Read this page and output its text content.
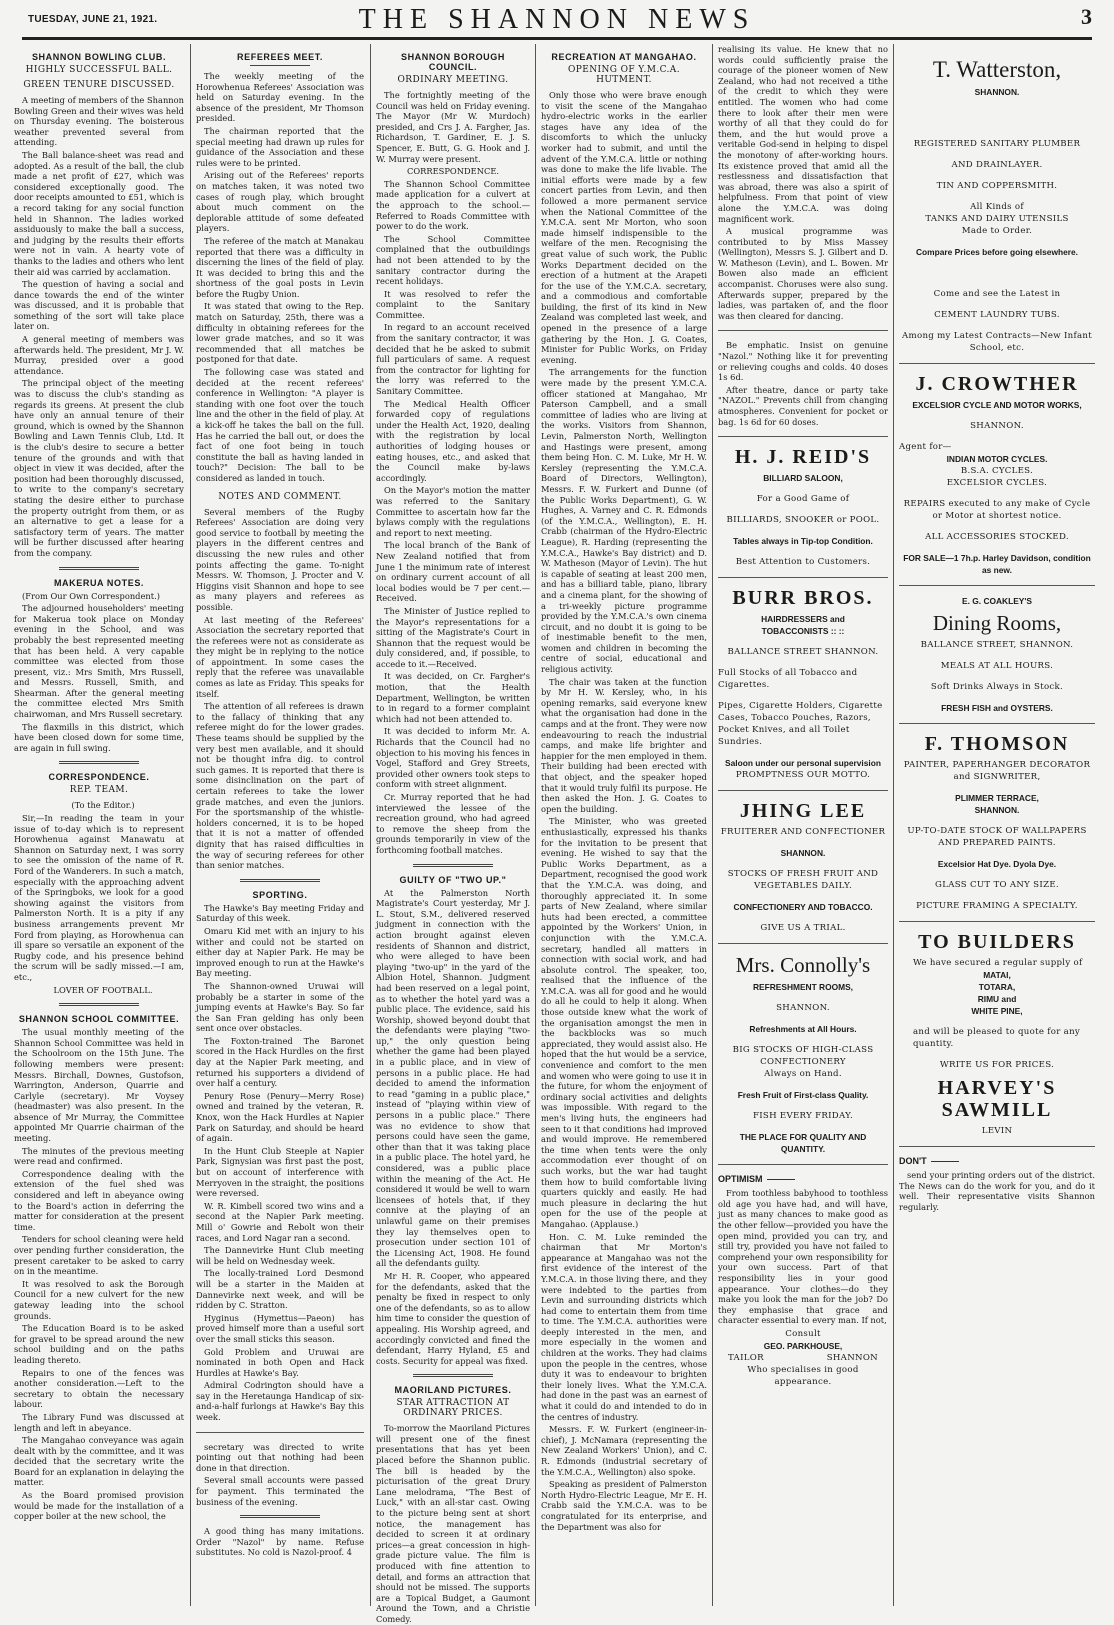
TUESDAY, JUNE 21, 1921.	THE SHANNON NEWS	3
SHANNON BOWLING CLUB.
HIGHLY SUCCESSFUL BALL.
GREEN TENURE DISCUSSED.

A meeting of members of the Shannon Bowling Green and their wives was held on Thursday evening. The boisterous weather prevented several from attending.

The Ball balance-sheet was read and adopted. As a result of the ball, the club made a net profit of £27, which was considered exceptionally good. The door receipts amounted to £51, which is a record taking for any social function held in Shannon. The ladies worked assiduously to make the ball a success, and judging by the results their efforts were not in vain. A hearty vote of thanks to the ladies and others who lent their aid was carried by acclamation.

The question of having a social and dance towards the end of the winter was discussed, and it is probable that something of the sort will take place later on.

A general meeting of members was afterwards held. The president, Mr J. W. Murray, presided over a good attendance.

The principal object of the meeting was to discuss the club's standing as regards its greens. At present the club have only an annual tenure of their ground, which is owned by the Shannon Bowling and Lawn Tennis Club, Ltd. It is the club's desire to secure a better tenure of the grounds and with that object in view it was decided, after the position had been thoroughly discussed, to write to the company's secretary stating the desire either to purchase the property outright from them, or as an alternative to get a lease for a satisfactory term of years. The matter will be further discussed after hearing from the company.

MAKERUA NOTES.

(From Our Own Correspondent.)

The adjourned householders' meeting for Makerua took place on Monday evening in the School, and was probably the best represented meeting that has been held. A very capable committee was elected from those present, viz.: Mrs Smith, Mrs Russell, and Messrs. Russell, Smith, and Shearman. After the general meeting the committee elected Mrs Smith chairwoman, and Mrs Russell secretary.

The flaxmills in this district, which have been closed down for some time, are again in full swing.

CORRESPONDENCE.
REP. TEAM.

(To the Editor.)

Sir,—In reading the team in your issue of to-day which is to represent Horowhenua against Manawatu at Shannon on Saturday next, I was sorry to see the omission of the name of R. Ford of the Wanderers. In such a match, especially with the approaching advent of the Springboks, we look for a good showing against the visitors from Palmerston North. It is a pity if any business arrangements prevent Mr Ford from playing, as Horowhenua can ill spare so versatile an exponent of the Rugby code, and his presence behind the scrum will be sadly missed.—I am, etc.,

LOVER OF FOOTBALL.

SHANNON SCHOOL COMMITTEE.

The usual monthly meeting of the Shannon School Committee was held in the Schoolroom on the 15th June. The following members were present: Messrs. Birchall, Downes, Gustofson, Warrington, Anderson, Quarrie and Carlyle (secretary). Mr Voysey (headmaster) was also present. In the absence of Mr Murray, the Committee appointed Mr Quarrie chairman of the meeting.

The minutes of the previous meeting were read and confirmed.

Correspondence dealing with the extension of the fuel shed was considered and left in abeyance owing to the Board's action in deferring the matter for consideration at the present time.

Tenders for school cleaning were held over pending further consideration, the present caretaker to be asked to carry on in the meantime.

It was resolved to ask the Borough Council for a new culvert for the new gateway leading into the school grounds.

The Education Board is to be asked for gravel to be spread around the new school building and on the paths leading thereto.

Repairs to one of the fences was another consideration.—Left to the secretary to obtain the necessary labour.

The Library Fund was discussed at length and left in abeyance.

The Mangahao conveyance was again dealt with by the committee, and it was decided that the secretary write the Board for an explanation in delaying the matter.

As the Board promised provision would be made for the installation of a copper boiler at the new school, the

REFEREES MEET.

The weekly meeting of the Horowhenua Referees' Association was held on Saturday evening. In the absence of the president, Mr Thomson presided.

The chairman reported that the special meeting had drawn up rules for guidance of the Association and these rules were to be printed.

Arising out of the Referees' reports on matches taken, it was noted two cases of rough play, which brought about much comment on the deplorable attitude of some defeated players.

The referee of the match at Manakau reported that there was a difficulty in discerning the lines of the field of play. It was decided to bring this and the shortness of the goal posts in Levin before the Rugby Union.

It was stated that owing to the Rep. match on Saturday, 25th, there was a difficulty in obtaining referees for the lower grade matches, and so it was recommended that all matches be postponed for that date.

The following case was stated and decided at the recent referees' conference in Wellington: "A player is standing with one foot over the touch line and the other in the field of play. At a kick-off he takes the ball on the full. Has he carried the ball out, or does the fact of one foot being in touch constitute the ball as having landed in touch?" Decision: The ball to be considered as landed in touch.

NOTES AND COMMENT.

Several members of the Rugby Referees' Association are doing very good service to football by meeting the players in the different centres and discussing the new rules and other points affecting the game. To-night Messrs. W. Thomson, J. Procter and V. Higgins visit Shannon and hope to see as many players and referees as possible.

At last meeting of the Referees' Association the secretary reported that the referees were not as considerate as they might be in replying to the notice of appointment. In some cases the reply that the referee was unavailable comes as late as Friday. This speaks for itself.

The attention of all referees is drawn to the fallacy of thinking that any referee might do for the lower grades. These teams should be supplied by the very best men available, and it should not be thought infra dig. to control such games. It is reported that there is some disinclination on the part of certain referees to take the lower grade matches, and even the juniors. For the sportsmanship of the whistle-holders concerned, it is to be hoped that it is not a matter of offended dignity that has raised difficulties in the way of securing referees for other than senior matches.

SPORTING.

The Hawke's Bay meeting Friday and Saturday of this week.

Omaru Kid met with an injury to his wither and could not be started on either day at Napier Park. He may be improved enough to run at the Hawke's Bay meeting.

The Shannon-owned Uruwai will probably be a starter in some of the jumping events at Hawke's Bay. So far the San Fran gelding has only been sent once over obstacles.

The Foxton-trained The Baronet scored in the Hack Hurdles on the first day at the Napier Park meeting, and returned his supporters a dividend of over half a century.

Penury Rose (Penury—Merry Rose) owned and trained by the veteran, R. Knox, won the Hack Hurdles at Napier Park on Saturday, and should be heard of again.

In the Hunt Club Steeple at Napier Park, Signysian was first past the post, but on account of interference with Merryoven in the straight, the positions were reversed.

W. R. Kimbell scored two wins and a second at the Napier Park meeting. Mill o' Gowrie and Rebolt won their races, and Lord Nagar ran a second.

The Dannevirke Hunt Club meeting will be held on Wednesday week.

The locally-trained Lord Desmond will be a starter in the Maiden at Dannevirke next week, and will be ridden by C. Stratton.

Hyginus (Hymettus—Paeon) has proved himself more than a useful sort over the small sticks this season.

Gold Problem and Uruwai are nominated in both Open and Hack Hurdles at Hawke's Bay.

Admiral Codrington should have a say in the Heretaunga Handicap of six-and-a-half furlongs at Hawke's Bay this week.

secretary was directed to write pointing out that nothing had been done in that direction.

Several small accounts were passed for payment. This terminated the business of the evening.

A good thing has many imitations. Order "Nazol" by name. Refuse substitutes. No cold is Nazol-proof. 4

SHANNON BOROUGH COUNCIL.
ORDINARY MEETING.

The fortnightly meeting of the Council was held on Friday evening. The Mayor (Mr W. Murdoch) presided, and Crs J. A. Fargher, Jas. Richardson, T. Gardiner, E. J. S. Spencer, E. Butt, G. G. Hook and J. W. Murray were present.

CORRESPONDENCE.

The Shannon School Committee made application for a culvert at the approach to the school.—Referred to Roads Committee with power to do the work.

The School Committee complained that the outbuildings had not been attended to by the sanitary contractor during the recent holidays.

It was resolved to refer the complaint to the Sanitary Committee.

In regard to an account received from the sanitary contractor, it was decided that he be asked to submit full particulars of same. A request from the contractor for lighting for the lorry was referred to the Sanitary Committee.

The Medical Health Officer forwarded copy of regulations under the Health Act, 1920, dealing with the registration by local authorities of lodging houses or eating houses, etc., and asked that the Council make by-laws accordingly.

On the Mayor's motion the matter was referred to the Sanitary Committee to ascertain how far the bylaws comply with the regulations and report to next meeting.

The local branch of the Bank of New Zealand notified that from June 1 the minimum rate of interest on ordinary current account of all local bodies would be 7 per cent.—Received.

The Minister of Justice replied to the Mayor's representations for a sitting of the Magistrate's Court in Shannon that the request would be duly considered, and, if possible, to accede to it.—Received.

It was decided, on Cr. Fargher's motion, that the Health Department, Wellington, be written to in regard to a former complaint which had not been attended to.

It was decided to inform Mr. A. Richards that the Council had no objection to his moving his fences in Vogel, Stafford and Grey Streets, provided other owners took steps to conform with street alignment.

Cr. Murray reported that he had interviewed the lessee of the recreation ground, who had agreed to remove the sheep from the grounds temporarily in view of the forthcoming football matches.

GUILTY OF "TWO UP."

At the Palmerston North Magistrate's Court yesterday, Mr J. L. Stout, S.M., delivered reserved judgment in connection with the action brought against eleven residents of Shannon and district, who were alleged to have been playing "two-up" in the yard of the Albion Hotel, Shannon. Judgment had been reserved on a legal point, as to whether the hotel yard was a public place. The evidence, said his Worship, showed beyond doubt that the defendants were playing "two-up," the only question being whether the game had been played in a public place, and in view of persons in a public place. He had decided to amend the information to read "gaming in a public place," instead of "playing within view of persons in a public place." There was no evidence to show that persons could have seen the game, other than that it was taking place in a public place. The hotel yard, he considered, was a public place within the meaning of the Act. He considered it would be well to warn licensees of hotels that, if they connive at the playing of an unlawful game on their premises they lay themselves open to prosecution under section 101 of the Licensing Act, 1908. He found all the defendants guilty.

Mr H. R. Cooper, who appeared for the defendants, asked that the penalty be fixed in respect to only one of the defendants, so as to allow him time to consider the question of appealing. His Worship agreed, and accordingly convicted and fined the defendant, Harry Hyland, £5 and costs. Security for appeal was fixed.

MAORILAND PICTURES.
STAR ATTRACTION AT ORDINARY PRICES.

To-morrow the Maoriland Pictures will present one of the finest presentations that has yet been placed before the Shannon public. The bill is headed by the picturisation of the great Drury Lane melodrama, "The Best of Luck," with an all-star cast. Owing to the picture being sent at short notice, the management has decided to screen it at ordinary prices—a great concession in high-grade picture value. The film is produced with fine attention to detail, and forms an attraction that should not be missed. The supports are a Topical Budget, a Gaumont Around the Town, and a Christie Comedy.

RECREATION AT MANGAHAO.
OPENING OF Y.M.C.A. HUTMENT.

Only those who were brave enough to visit the scene of the Mangahao hydro-electric works in the earlier stages have any idea of the discomforts to which the unlucky worker had to submit, and until the advent of the Y.M.C.A. little or nothing was done to make the life livable. The initial efforts were made by a few concert parties from Levin, and then followed a more permanent service when the National Committee of the Y.M.C.A. sent Mr Morton, who soon made himself indispensible to the welfare of the men. Recognising the great value of such work, the Public Works Department decided on the erection of a hutment at the Arapeti for the use of the Y.M.C.A. secretary, and a commodious and comfortable building, the first of its kind in New Zealand was completed last week, and opened in the presence of a large gathering by the Hon. J. G. Coates, Minister for Public Works, on Friday evening.

The arrangements for the function were made by the present Y.M.C.A. officer stationed at Mangahao, Mr Paterson Campbell, and a small committee of ladies who are living at the works. Visitors from Shannon, Levin, Palmerston North, Wellington and Hastings were present, among them being Hon. C. M. Luke, Mr H. W. Kersley (representing the Y.M.C.A. Board of Directors, Wellington), Messrs. F. W. Furkert and Dunne (of the Public Works Department), G. W. Hughes, A. Varney and C. R. Edmonds (of the Y.M.C.A., Wellington), E. H. Crabb (chairman of the Hydro-Electric League), R. Harding (representing the Y.M.C.A., Hawke's Bay district) and D. W. Matheson (Mayor of Levin). The hut is capable of seating at least 200 men, and has a billiard table, piano, library and a cinema plant, for the showing of a tri-weekly picture programme provided by the Y.M.C.A.'s own cinema circuit, and no doubt it is going to be of inestimable benefit to the men, women and children in becoming the centre of social, educational and religious activity.

The chair was taken at the function by Mr H. W. Kersley, who, in his opening remarks, said everyone knew what the organisation had done in the camps and at the front. They were now endeavouring to reach the industrial camps, and make life brighter and happier for the men employed in them. Their building had been erected with that object, and the speaker hoped that it would truly fulfil its purpose. He then asked the Hon. J. G. Coates to open the building.

The Minister, who was greeted enthusiastically, expressed his thanks for the invitation to be present that evening. He wished to say that the Public Works Department, as a Department, recognised the good work that the Y.M.C.A. was doing, and thoroughly appreciated it. In some parts of New Zealand, where similar huts had been erected, a committee appointed by the Workers' Union, in conjunction with the Y.M.C.A. secretary, handled all matters in connection with social work, and had absolute control. The speaker, too, realised that the influence of the Y.M.C.A. was all for good and he would do all he could to help it along. When those outside knew what the work of the organisation amongst the men in the backblocks was so much appreciated, they would assist also. He hoped that the hut would be a service, convenience and comfort to the men and women who were going to use it in the future, for whom the enjoyment of ordinary social activities and delights was impossible. With regard to the men's living huts, the engineers had seen to it that conditions had improved and would improve. He remembered the time when tents were the only accommodation ever thought of on such works, but the war had taught them how to build comfortable living quarters quickly and easily. He had much pleasure in declaring the hut open for the use of the people at Mangahao. (Applause.)

Hon. C. M. Luke reminded the chairman that Mr Morton's appearance at Mangahao was not the first evidence of the interest of the Y.M.C.A. in those living there, and they were indebted to the parties from Levin and surrounding districts which had come to entertain them from time to time. The Y.M.C.A. authorities were deeply interested in the men, and more especially in the women and children at the works. They had claims upon the people in the centres, whose duty it was to endeavour to brighten their lonely lives. What the Y.M.C.A. had done in the past was an earnest of what it could do and intended to do in the centres of industry.

Messrs. F. W. Furkert (engineer-in-chief), J. McNamara (representing the New Zealand Workers' Union), and C. R. Edmonds (industrial secretary of the Y.M.C.A., Wellington) also spoke.

Speaking as president of Palmerston North Hydro-Electric League, Mr E. H. Crabb said the Y.M.C.A. was to be congratulated for its enterprise, and the Department was also for

realising its value. He knew that no words could sufficiently praise the courage of the pioneer women of New Zealand, who had not received a tithe of the credit to which they were entitled. The women who had come there to look after their men were worthy of all that they could do for them, and the hut would prove a veritable God-send in helping to dispel the monotony of after-working hours. Its existence proved that amid all the restlessness and dissatisfaction that was abroad, there was also a spirit of helpfulness. From that point of view alone the Y.M.C.A. was doing magnificent work.

A musical programme was contributed to by Miss Massey (Wellington), Messrs S. J. Gilbert and D. W. Matheson (Levin), and L. Bowen. Mr Bowen also made an efficient accompanist. Choruses were also sung. Afterwards supper, prepared by the ladies, was partaken of, and the floor was then cleared for dancing.

Be emphatic. Insist on genuine "Nazol." Nothing like it for preventing or relieving coughs and colds. 40 doses 1s 6d.

After theatre, dance or party take "NAZOL." Prevents chill from changing atmospheres. Convenient for pocket or bag. 1s 6d for 60 doses.

H. J. REID'S
BILLIARD SALOON,
For a Good Game of
BILLIARDS, SNOOKER or POOL.
Tables always in Tip-top Condition.
Best Attention to Customers.
BURR BROS.
HAIRDRESSERS and
TOBACCONISTS :: ::
BALLANCE STREET SHANNON.
Full Stocks of all Tobacco and Cigarettes.
Pipes, Cigarette Holders, Cigarette Cases, Tobacco Pouches, Razors, Pocket Knives, and all Toilet Sundries.
Saloon under our personal supervision
PROMPTNESS OUR MOTTO.
JHING LEE
FRUITERER AND CONFECTIONER
SHANNON.
STOCKS OF FRESH FRUIT AND VEGETABLES DAILY.
CONFECTIONERY AND TOBACCO.
GIVE US A TRIAL.
Mrs. Connolly's
REFRESHMENT ROOMS,
SHANNON.
Refreshments at All Hours.
BIG STOCKS OF HIGH-CLASS CONFECTIONERY
Always on Hand.
Fresh Fruit of First-class Quality.
FISH EVERY FRIDAY.
THE PLACE FOR QUALITY AND QUANTITY.
OPTIMISM

From toothless babyhood to toothless old age you have had, and will have, just as many chances to make good as the other fellow—provided you have the open mind, provided you can try, and still try, provided you have not failed to comprehend your own responsibility for your own success. Part of that responsibility lies in your good appearance. Your clothes—do they make you look the man for the job? Do they emphasise that grace and character essential to every man. If not,

Consult
GEO. PARKHOUSE,
TAILOR	SHANNON
Who specialises in good appearance.
T. Watterston,
SHANNON.
REGISTERED SANITARY PLUMBER
AND DRAINLAYER.
TIN AND COPPERSMITH.
All Kinds of
TANKS AND DAIRY UTENSILS
Made to Order.
Compare Prices before going elsewhere.
Come and see the Latest in
CEMENT LAUNDRY TUBS.
Among my Latest Contracts—New Infant School, etc.
J. CROWTHER
EXCELSIOR CYCLE AND MOTOR WORKS,
SHANNON.
Agent for—
INDIAN MOTOR CYCLES.
B.S.A. CYCLES.
EXCELSIOR CYCLES.
REPAIRS executed to any make of Cycle or Motor at shortest notice.
ALL ACCESSORIES STOCKED.
FOR SALE—1 7h.p. Harley Davidson, condition as new.
E. G. COAKLEY'S
Dining Rooms,
BALLANCE STREET, SHANNON.
MEALS AT ALL HOURS.
Soft Drinks Always in Stock.
FRESH FISH and OYSTERS.
F. THOMSON
PAINTER, PAPERHANGER DECORATOR and SIGNWRITER,
PLIMMER TERRACE,
SHANNON.
UP-TO-DATE STOCK OF WALLPAPERS AND PREPARED PAINTS.
Excelsior Hat Dye. Dyola Dye.
GLASS CUT TO ANY SIZE.
PICTURE FRAMING A SPECIALTY.
TO BUILDERS
We have secured a regular supply of
MATAI,
TOTARA,
RIMU and
WHITE PINE,
and will be pleased to quote for any quantity.
WRITE US FOR PRICES.
HARVEY'S SAWMILL
LEVIN
DON'T

send your printing orders out of the district. The News can do the work for you, and do it well. Their representative visits Shannon regularly.
